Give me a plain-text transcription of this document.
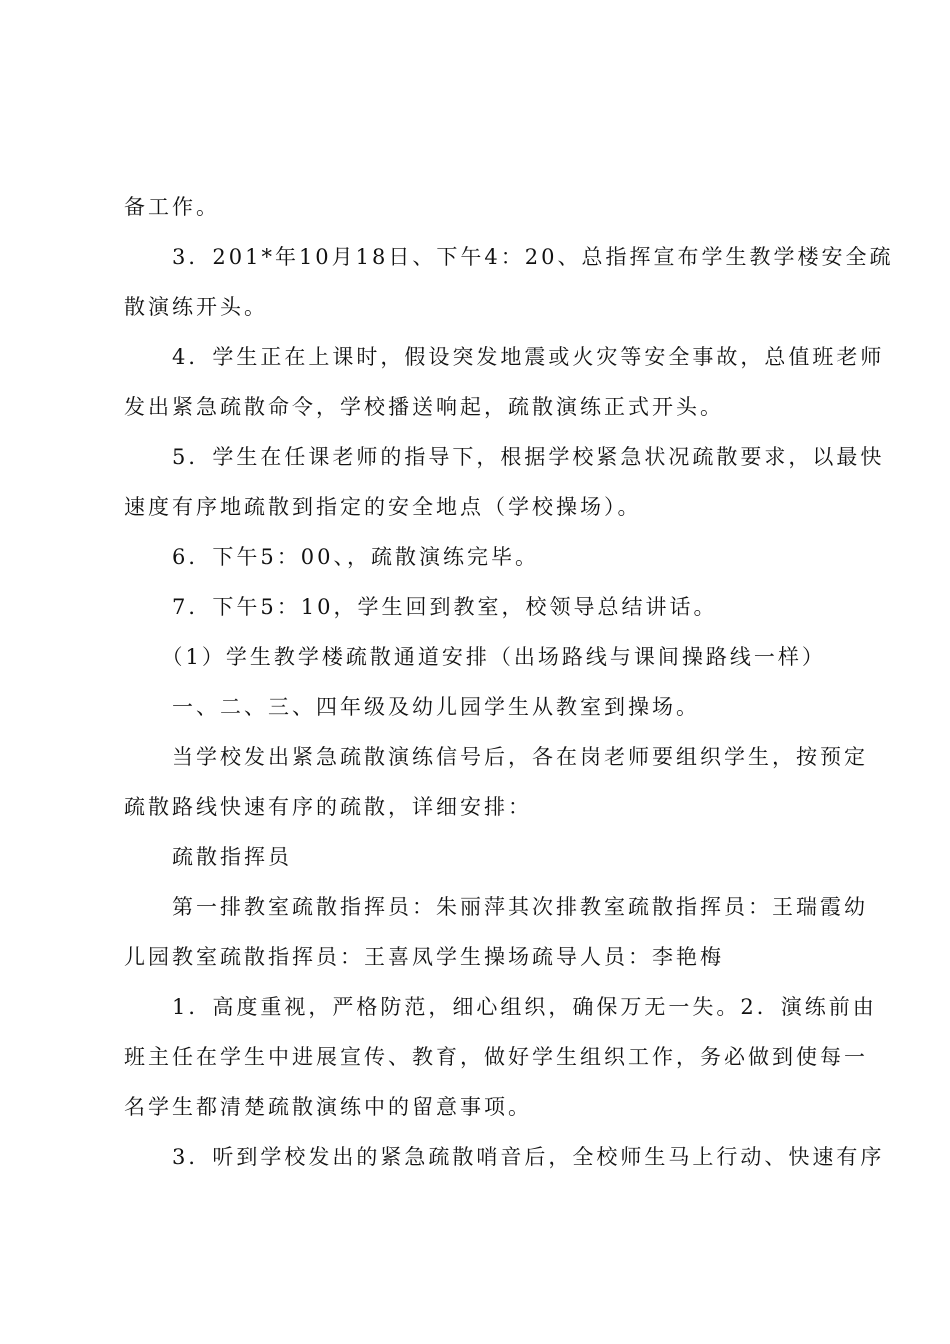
备工作。

　　3．201*年10月18日、下午4：20、总指挥宣布学生教学楼安全疏
散演练开头。

　　4．学生正在上课时，假设突发地震或火灾等安全事故，总值班老师
发出紧急疏散命令，学校播送响起，疏散演练正式开头。

　　5．学生在任课老师的指导下，根据学校紧急状况疏散要求，以最快
速度有序地疏散到指定的安全地点（学校操场）。

　　6．下午5：00、，疏散演练完毕。

　　7．下午5：10，学生回到教室，校领导总结讲话。

　　（1）学生教学楼疏散通道安排（出场路线与课间操路线一样）

　　一、二、三、四年级及幼儿园学生从教室到操场。

　　当学校发出紧急疏散演练信号后，各在岗老师要组织学生，按预定
疏散路线快速有序的疏散，详细安排：

　　疏散指挥员

　　第一排教室疏散指挥员：朱丽萍其次排教室疏散指挥员：王瑞霞幼
儿园教室疏散指挥员：王喜凤学生操场疏导人员：李艳梅

　　1．高度重视，严格防范，细心组织，确保万无一失。2．演练前由
班主任在学生中进展宣传、教育，做好学生组织工作，务必做到使每一
名学生都清楚疏散演练中的留意事项。

　　3．听到学校发出的紧急疏散哨音后，全校师生马上行动、快速有序
